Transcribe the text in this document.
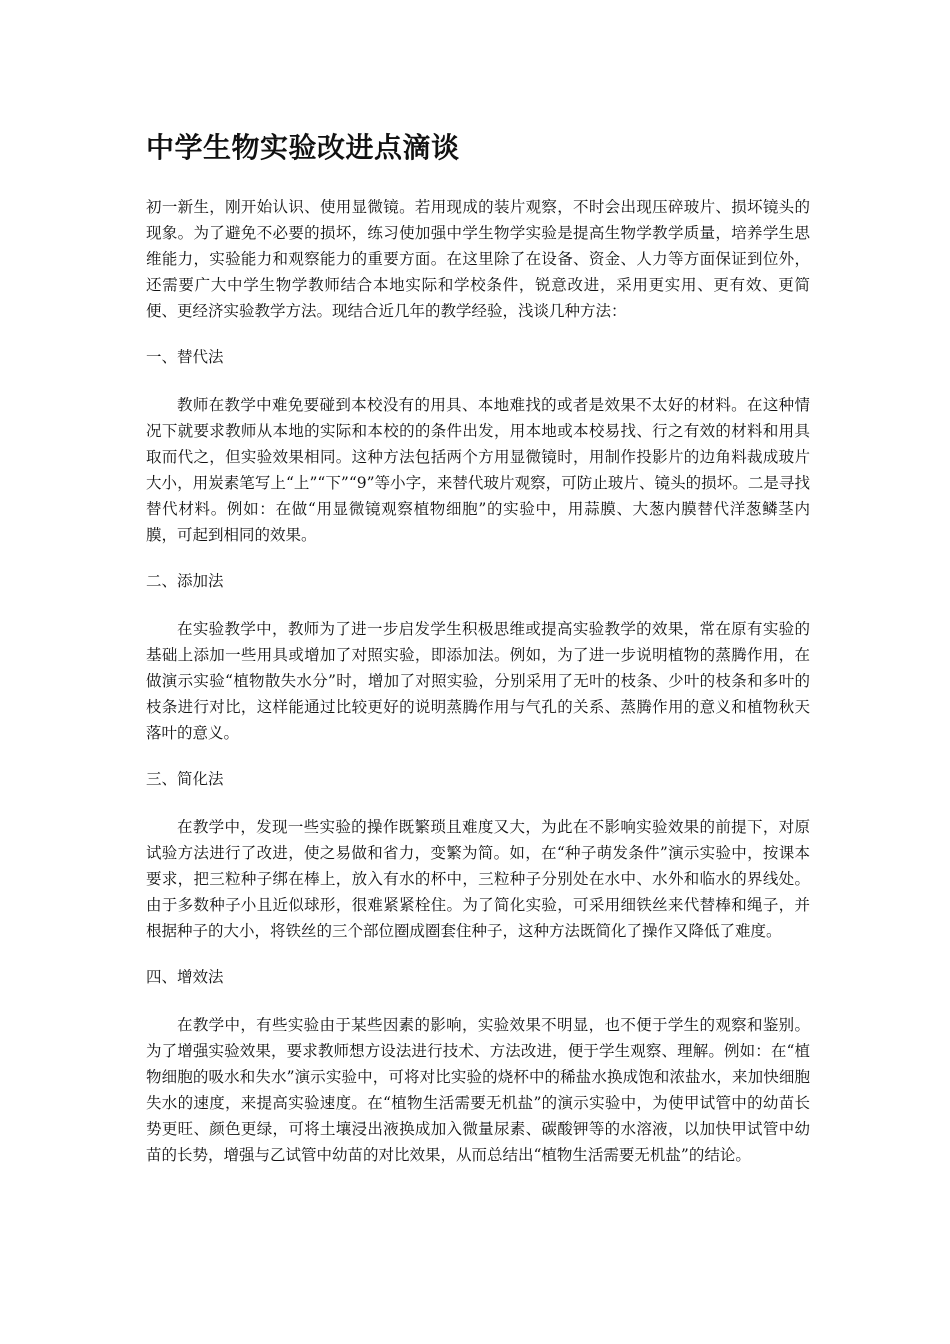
中学生物实验改进点滴谈

初一新生，刚开始认识、使用显微镜。若用现成的装片观察，不时会出现压碎玻片、损坏镜头的现象。为了避免不必要的损坏，练习使加强中学生物学实验是提高生物学教学质量，培养学生思维能力，实验能力和观察能力的重要方面。在这里除了在设备、资金、人力等方面保证到位外，还需要广大中学生物学教师结合本地实际和学校条件，锐意改进，采用更实用、更有效、更简便、更经济实验教学方法。现结合近几年的教学经验，浅谈几种方法：

一、替代法

教师在教学中难免要碰到本校没有的用具、本地难找的或者是效果不太好的材料。在这种情况下就要求教师从本地的实际和本校的的条件出发，用本地或本校易找、行之有效的材料和用具取而代之，但实验效果相同。这种方法包括两个方用显微镜时，用制作投影片的边角料裁成玻片大小，用炭素笔写上“上”“下”“9”等小字，来替代玻片观察，可防止玻片、镜头的损坏。二是寻找替代材料。例如：在做“用显微镜观察植物细胞”的实验中，用蒜膜、大葱内膜替代洋葱鳞茎内膜，可起到相同的效果。

二、添加法

在实验教学中，教师为了进一步启发学生积极思维或提高实验教学的效果，常在原有实验的基础上添加一些用具或增加了对照实验，即添加法。例如，为了进一步说明植物的蒸腾作用，在做演示实验“植物散失水分”时，增加了对照实验，分别采用了无叶的枝条、少叶的枝条和多叶的枝条进行对比，这样能通过比较更好的说明蒸腾作用与气孔的关系、蒸腾作用的意义和植物秋天落叶的意义。

三、简化法

在教学中，发现一些实验的操作既繁琐且难度又大，为此在不影响实验效果的前提下，对原试验方法进行了改进，使之易做和省力，变繁为简。如，在“种子萌发条件”演示实验中，按课本要求，把三粒种子绑在棒上，放入有水的杯中，三粒种子分别处在水中、水外和临水的界线处。由于多数种子小且近似球形，很难紧紧栓住。为了简化实验，可采用细铁丝来代替棒和绳子，并根据种子的大小，将铁丝的三个部位圈成圈套住种子，这种方法既简化了操作又降低了难度。

四、增效法

在教学中，有些实验由于某些因素的影响，实验效果不明显，也不便于学生的观察和鉴别。为了增强实验效果，要求教师想方设法进行技术、方法改进，便于学生观察、理解。例如：在“植物细胞的吸水和失水”演示实验中，可将对比实验的烧杯中的稀盐水换成饱和浓盐水，来加快细胞失水的速度，来提高实验速度。在“植物生活需要无机盐”的演示实验中，为使甲试管中的幼苗长势更旺、颜色更绿，可将土壤浸出液换成加入微量尿素、碳酸钾等的水溶液，以加快甲试管中幼苗的长势，增强与乙试管中幼苗的对比效果，从而总结出“植物生活需要无机盐”的结论。
